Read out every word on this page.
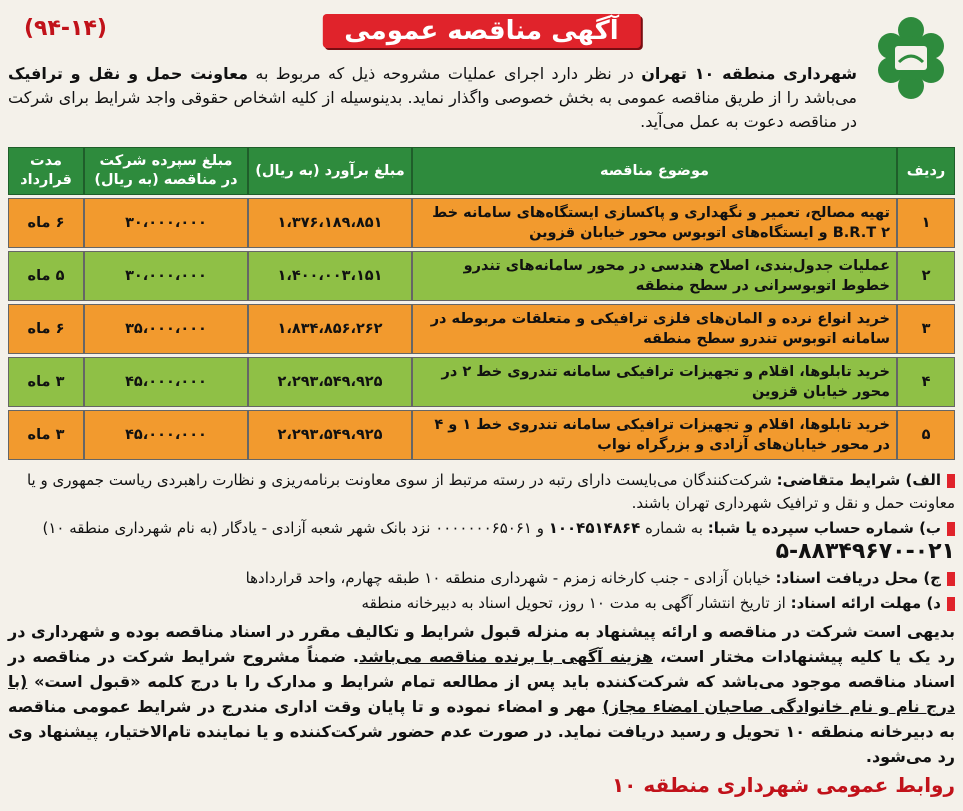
(۹۴-۱۴)	آگهی مناقصه عمومی
شهرداری منطقه ۱۰ تهران در نظر دارد اجرای عملیات مشروحه ذیل که مربوط به معاونت حمل و نقل و ترافیک می‌باشد را از طریق مناقصه عمومی به بخش خصوصی واگذار نماید. بدینوسیله از کلیه اشخاص حقوقی واجد شرایط برای شرکت در مناقصه دعوت به عمل می‌آید.
ردیف	موضوع مناقصه	مبلغ برآورد (به ریال)	مبلغ سپرده شرکت در مناقصه (به ریال)	مدت قرارداد
۱	تهیه مصالح، تعمیر و نگهداری و پاکسازی ایستگاه‌های سامانه خط B.R.T ۲ و ایستگاه‌های اتوبوس محور خیابان قزوین	۱،۳۷۶،۱۸۹،۸۵۱	۳۰،۰۰۰،۰۰۰	۶ ماه
۲	عملیات جدول‌بندی، اصلاح هندسی در محور سامانه‌های تندرو خطوط اتوبوسرانی در سطح منطقه	۱،۴۰۰،۰۰۳،۱۵۱	۳۰،۰۰۰،۰۰۰	۵ ماه
۳	خرید انواع نرده و المان‌های فلزی ترافیکی و متعلقات مربوطه در سامانه اتوبوس تندرو سطح منطقه	۱،۸۳۴،۸۵۶،۲۶۲	۳۵،۰۰۰،۰۰۰	۶ ماه
۴	خرید تابلوها، اقلام و تجهیزات ترافیکی سامانه تندروی خط ۲ در محور خیابان قزوین	۲،۲۹۳،۵۴۹،۹۲۵	۴۵،۰۰۰،۰۰۰	۳ ماه
۵	خرید تابلوها، اقلام و تجهیزات ترافیکی سامانه تندروی خط ۱ و ۴ در محور خیابان‌های آزادی و بزرگراه نواب	۲،۲۹۳،۵۴۹،۹۲۵	۴۵،۰۰۰،۰۰۰	۳ ماه

الف) شرایط متقاضی: شرکت‌کنندگان می‌بایست دارای رتبه در رسته مرتبط از سوی معاونت برنامه‌ریزی و نظارت راهبردی ریاست جمهوری و یا معاونت حمل و نقل و ترافیک شهرداری تهران باشند.

ب) شماره حساب سپرده یا شبا: به شماره ۱۰۰۴۵۱۴۸۶۴ و ۰۰۰۰۰۰۰۶۵۰۶۱ نزد بانک شهر شعبه آزادی - یادگار (به نام شهرداری منطقه ۱۰) ۰۲۱-۸۸۳۴۹۶۷۰-۵

ج) محل دریافت اسناد: خیابان آزادی - جنب کارخانه زمزم - شهرداری منطقه ۱۰ طبقه چهارم، واحد قراردادها

د) مهلت ارائه اسناد: از تاریخ انتشار آگهی به مدت ۱۰ روز، تحویل اسناد به دبیرخانه منطقه

بدیهی است شرکت در مناقصه و ارائه پیشنهاد به منزله قبول شرایط و تکالیف مقرر در اسناد مناقصه بوده و شهرداری در رد یک یا کلیه پیشنهادات مختار است، هزینه آگهی با برنده مناقصه می‌باشد. ضمناً مشروح شرایط شرکت در مناقصه در اسناد مناقصه موجود می‌باشد که شرکت‌کننده باید پس از مطالعه تمام شرایط و مدارک را با درج کلمه «قبول است» (با درج نام و نام خانوادگی صاحبان امضاء مجاز) مهر و امضاء نموده و تا پایان وقت اداری مندرج در شرایط عمومی مناقصه به دبیرخانه منطقه ۱۰ تحویل و رسید دریافت نماید. در صورت عدم حضور شرکت‌کننده و یا نماینده تام‌الاختیار، پیشنهاد وی رد می‌شود.
روابط عمومی شهرداری منطقه ۱۰
